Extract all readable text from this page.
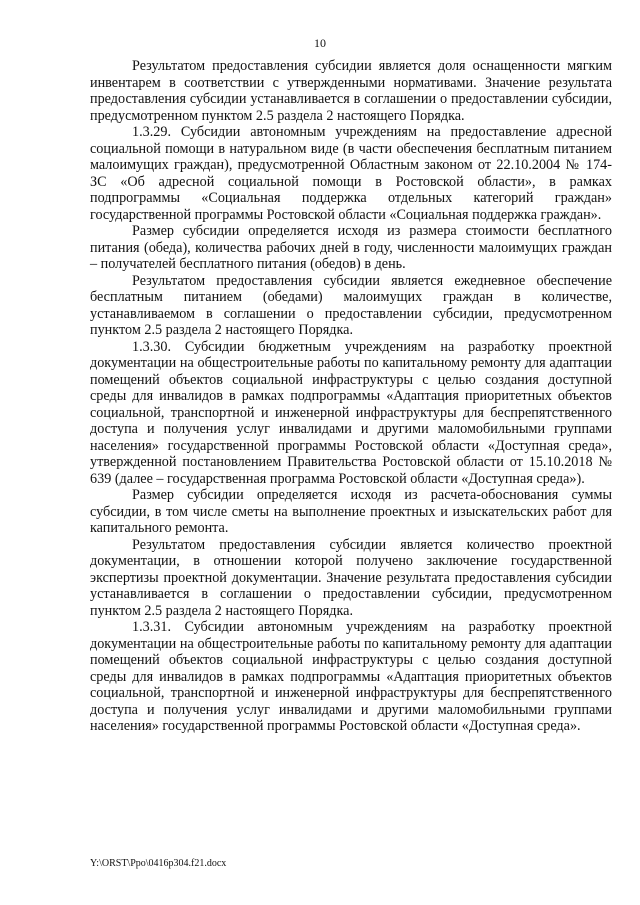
10

Результатом предоставления субсидии является доля оснащенности мягким инвентарем в соответствии с утвержденными нормативами. Значение результата предоставления субсидии устанавливается в соглашении о предоставлении субсидии, предусмотренном пунктом 2.5 раздела 2 настоящего Порядка.

1.3.29. Субсидии автономным учреждениям на предоставление адресной социальной помощи в натуральном виде (в части обеспечения бесплатным питанием малоимущих граждан), предусмотренной Областным законом от 22.10.2004 № 174-ЗС «Об адресной социальной помощи в Ростовской области», в рамках подпрограммы «Социальная поддержка отдельных категорий граждан» государственной программы Ростовской области «Социальная поддержка граждан».

Размер субсидии определяется исходя из размера стоимости бесплатного питания (обеда), количества рабочих дней в году, численности малоимущих граждан – получателей бесплатного питания (обедов) в день.

Результатом предоставления субсидии является ежедневное обеспечение бесплатным питанием (обедами) малоимущих граждан в количестве, устанавливаемом в соглашении о предоставлении субсидии, предусмотренном пунктом 2.5 раздела 2 настоящего Порядка.

1.3.30. Субсидии бюджетным учреждениям на разработку проектной документации на общестроительные работы по капитальному ремонту для адаптации помещений объектов социальной инфраструктуры с целью создания доступной среды для инвалидов в рамках подпрограммы «Адаптация приоритетных объектов социальной, транспортной и инженерной инфраструктуры для беспрепятственного доступа и получения услуг инвалидами и другими маломобильными группами населения» государственной программы Ростовской области «Доступная среда», утвержденной постановлением Правительства Ростовской области от 15.10.2018 № 639 (далее – государственная программа Ростовской области «Доступная среда»).

Размер субсидии определяется исходя из расчета-обоснования суммы субсидии, в том числе сметы на выполнение проектных и изыскательских работ для капитального ремонта.

Результатом предоставления субсидии является количество проектной документации, в отношении которой получено заключение государственной экспертизы проектной документации. Значение результата предоставления субсидии устанавливается в соглашении о предоставлении субсидии, предусмотренном пунктом 2.5 раздела 2 настоящего Порядка.

1.3.31. Субсидии автономным учреждениям на разработку проектной документации на общестроительные работы по капитальному ремонту для адаптации помещений объектов социальной инфраструктуры с целью создания доступной среды для инвалидов в рамках подпрограммы «Адаптация приоритетных объектов социальной, транспортной и инженерной инфраструктуры для беспрепятственного доступа и получения услуг инвалидами и другими маломобильными группами населения» государственной программы Ростовской области «Доступная среда».

Y:\ORST\Ppo\0416p304.f21.docx
